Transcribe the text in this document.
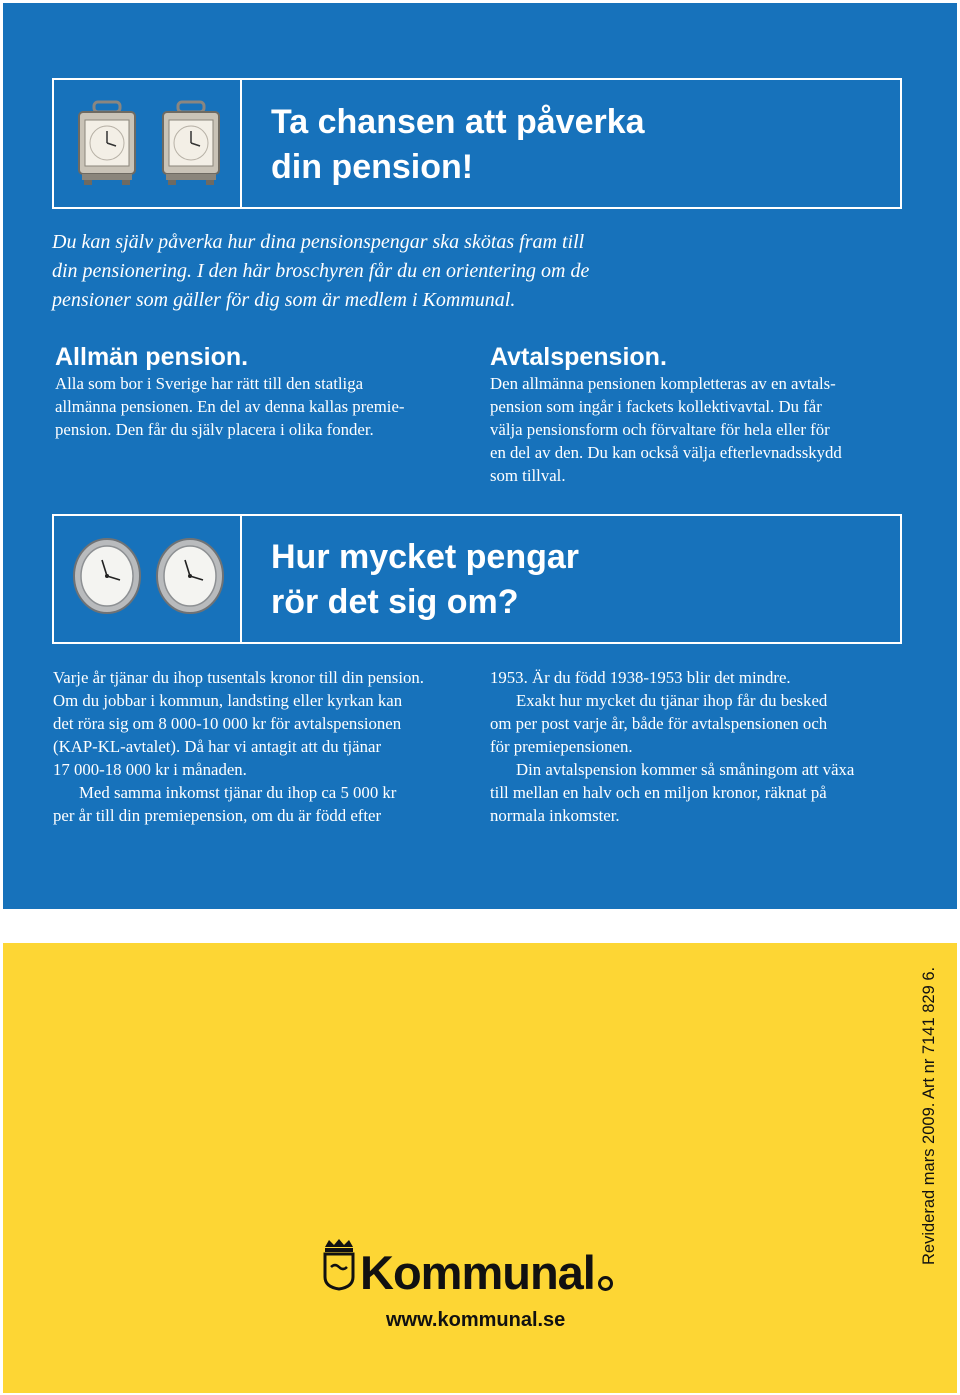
Ta chansen att påverka
din pension!

Du kan själv påverka hur dina pensionspengar ska skötas fram till
din pensionering. I den här broschyren får du en orientering om de
pensioner som gäller för dig som är medlem i Kommunal.

Allmän pension.

Alla som bor i Sverige har rätt till den statliga

allmänna pensionen. En del av denna kallas premie-

pension. Den får du själv placera i olika fonder.

Avtalspension.

Den allmänna pensionen kompletteras av en avtals-

pension som ingår i fackets kollektivavtal. Du får

välja pensionsform och förvaltare för hela eller för

en del av den. Du kan också välja efterlevnadsskydd

som tillval.

Hur mycket pengar
rör det sig om?

Varje år tjänar du ihop tusentals kronor till din pension.

Om du jobbar i kommun, landsting eller kyrkan kan

det röra sig om 8 000-10 000 kr för avtalspensionen

(KAP-KL-avtalet). Då har vi antagit att du tjänar

17 000-18 000 kr i månaden.

Med samma inkomst tjänar du ihop ca 5 000 kr

per år till din premiepension, om du är född efter

1953. Är du född 1938-1953 blir det mindre.

Exakt hur mycket du tjänar ihop får du besked

om per post varje år, både för avtalspensionen och

för premiepensionen.

Din avtalspension kommer så småningom att växa

till mellan en halv och en miljon kronor, räknat på

normala inkomster.

Kommunal
www.kommunal.se
Reviderad mars 2009. Art nr 7141 829 6.
